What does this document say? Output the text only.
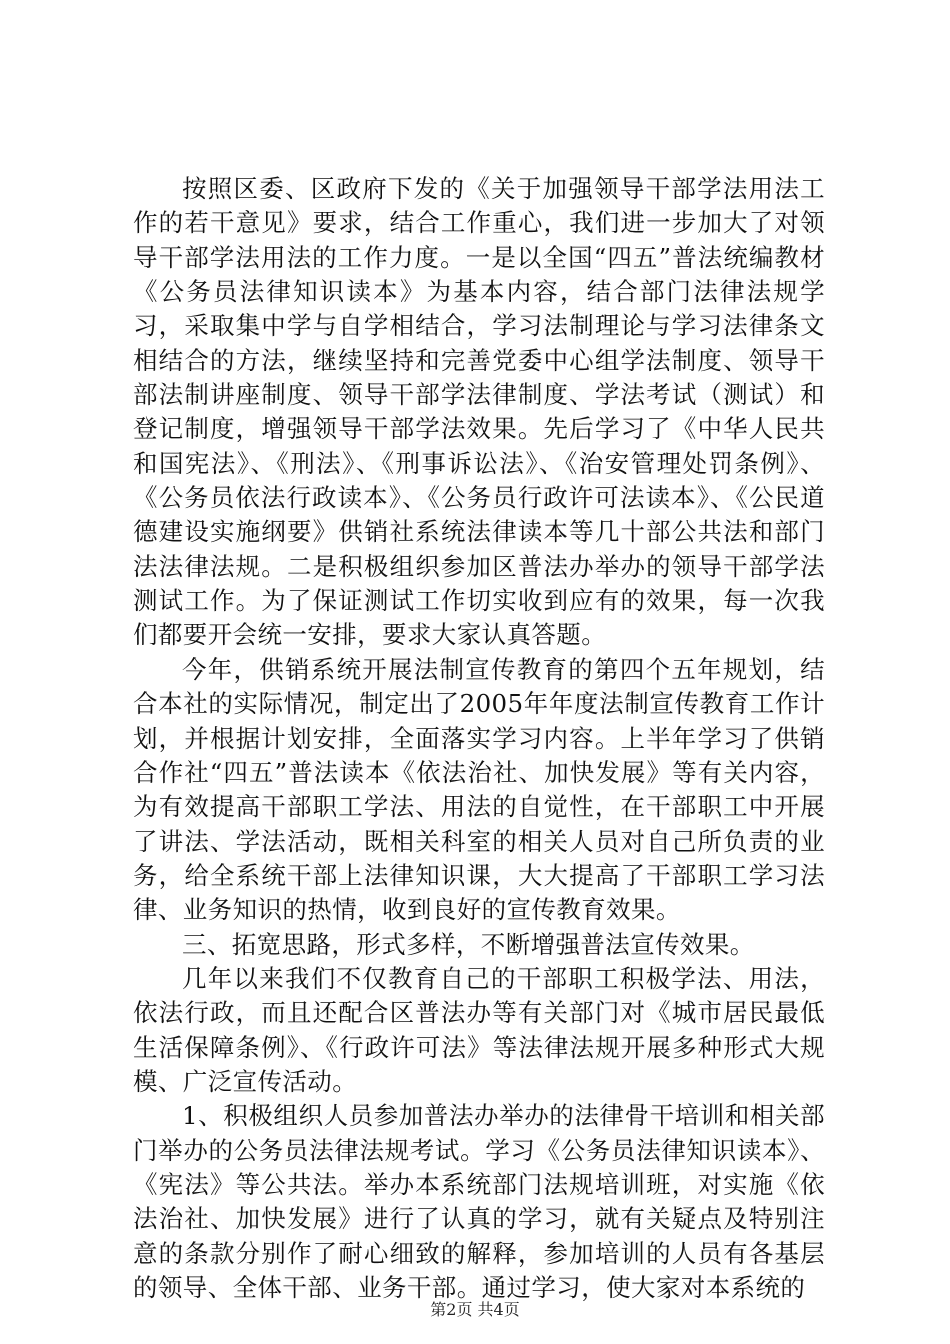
按照区委、区政府下发的《关于加强领导干部学法用法工作的若干意见》要求，结合工作重心，我们进一步加大了对领导干部学法用法的工作力度。一是以全国“四五”普法统编教材《公务员法律知识读本》为基本内容，结合部门法律法规学习，采取集中学与自学相结合，学习法制理论与学习法律条文相结合的方法，继续坚持和完善党委中心组学法制度、领导干部法制讲座制度、领导干部学法律制度、学法考试（测试）和登记制度，增强领导干部学法效果。先后学习了《中华人民共和国宪法》、《刑法》、《刑事诉讼法》、《治安管理处罚条例》、《公务员依法行政读本》、《公务员行政许可法读本》、《公民道德建设实施纲要》供销社系统法律读本等几十部公共法和部门法法律法规。二是积极组织参加区普法办举办的领导干部学法测试工作。为了保证测试工作切实收到应有的效果，每一次我们都要开会统一安排，要求大家认真答题。

今年，供销系统开展法制宣传教育的第四个五年规划，结合本社的实际情况，制定出了2005年年度法制宣传教育工作计划，并根据计划安排，全面落实学习内容。上半年学习了供销合作社“四五”普法读本《依法治社、加快发展》等有关内容，为有效提高干部职工学法、用法的自觉性，在干部职工中开展了讲法、学法活动，既相关科室的相关人员对自己所负责的业务，给全系统干部上法律知识课，大大提高了干部职工学习法律、业务知识的热情，收到良好的宣传教育效果。

三、拓宽思路，形式多样，不断增强普法宣传效果。

几年以来我们不仅教育自己的干部职工积极学法、用法，依法行政，而且还配合区普法办等有关部门对《城市居民最低生活保障条例》、《行政许可法》等法律法规开展多种形式大规模、广泛宣传活动。

1、积极组织人员参加普法办举办的法律骨干培训和相关部门举办的公务员法律法规考试。学习《公务员法律知识读本》、《宪法》等公共法。举办本系统部门法规培训班，对实施《依法治社、加快发展》进行了认真的学习，就有关疑点及特别注意的条款分别作了耐心细致的解释，参加培训的人员有各基层的领导、全体干部、业务干部。通过学习，使大家对本系统的

第2页 共4页
